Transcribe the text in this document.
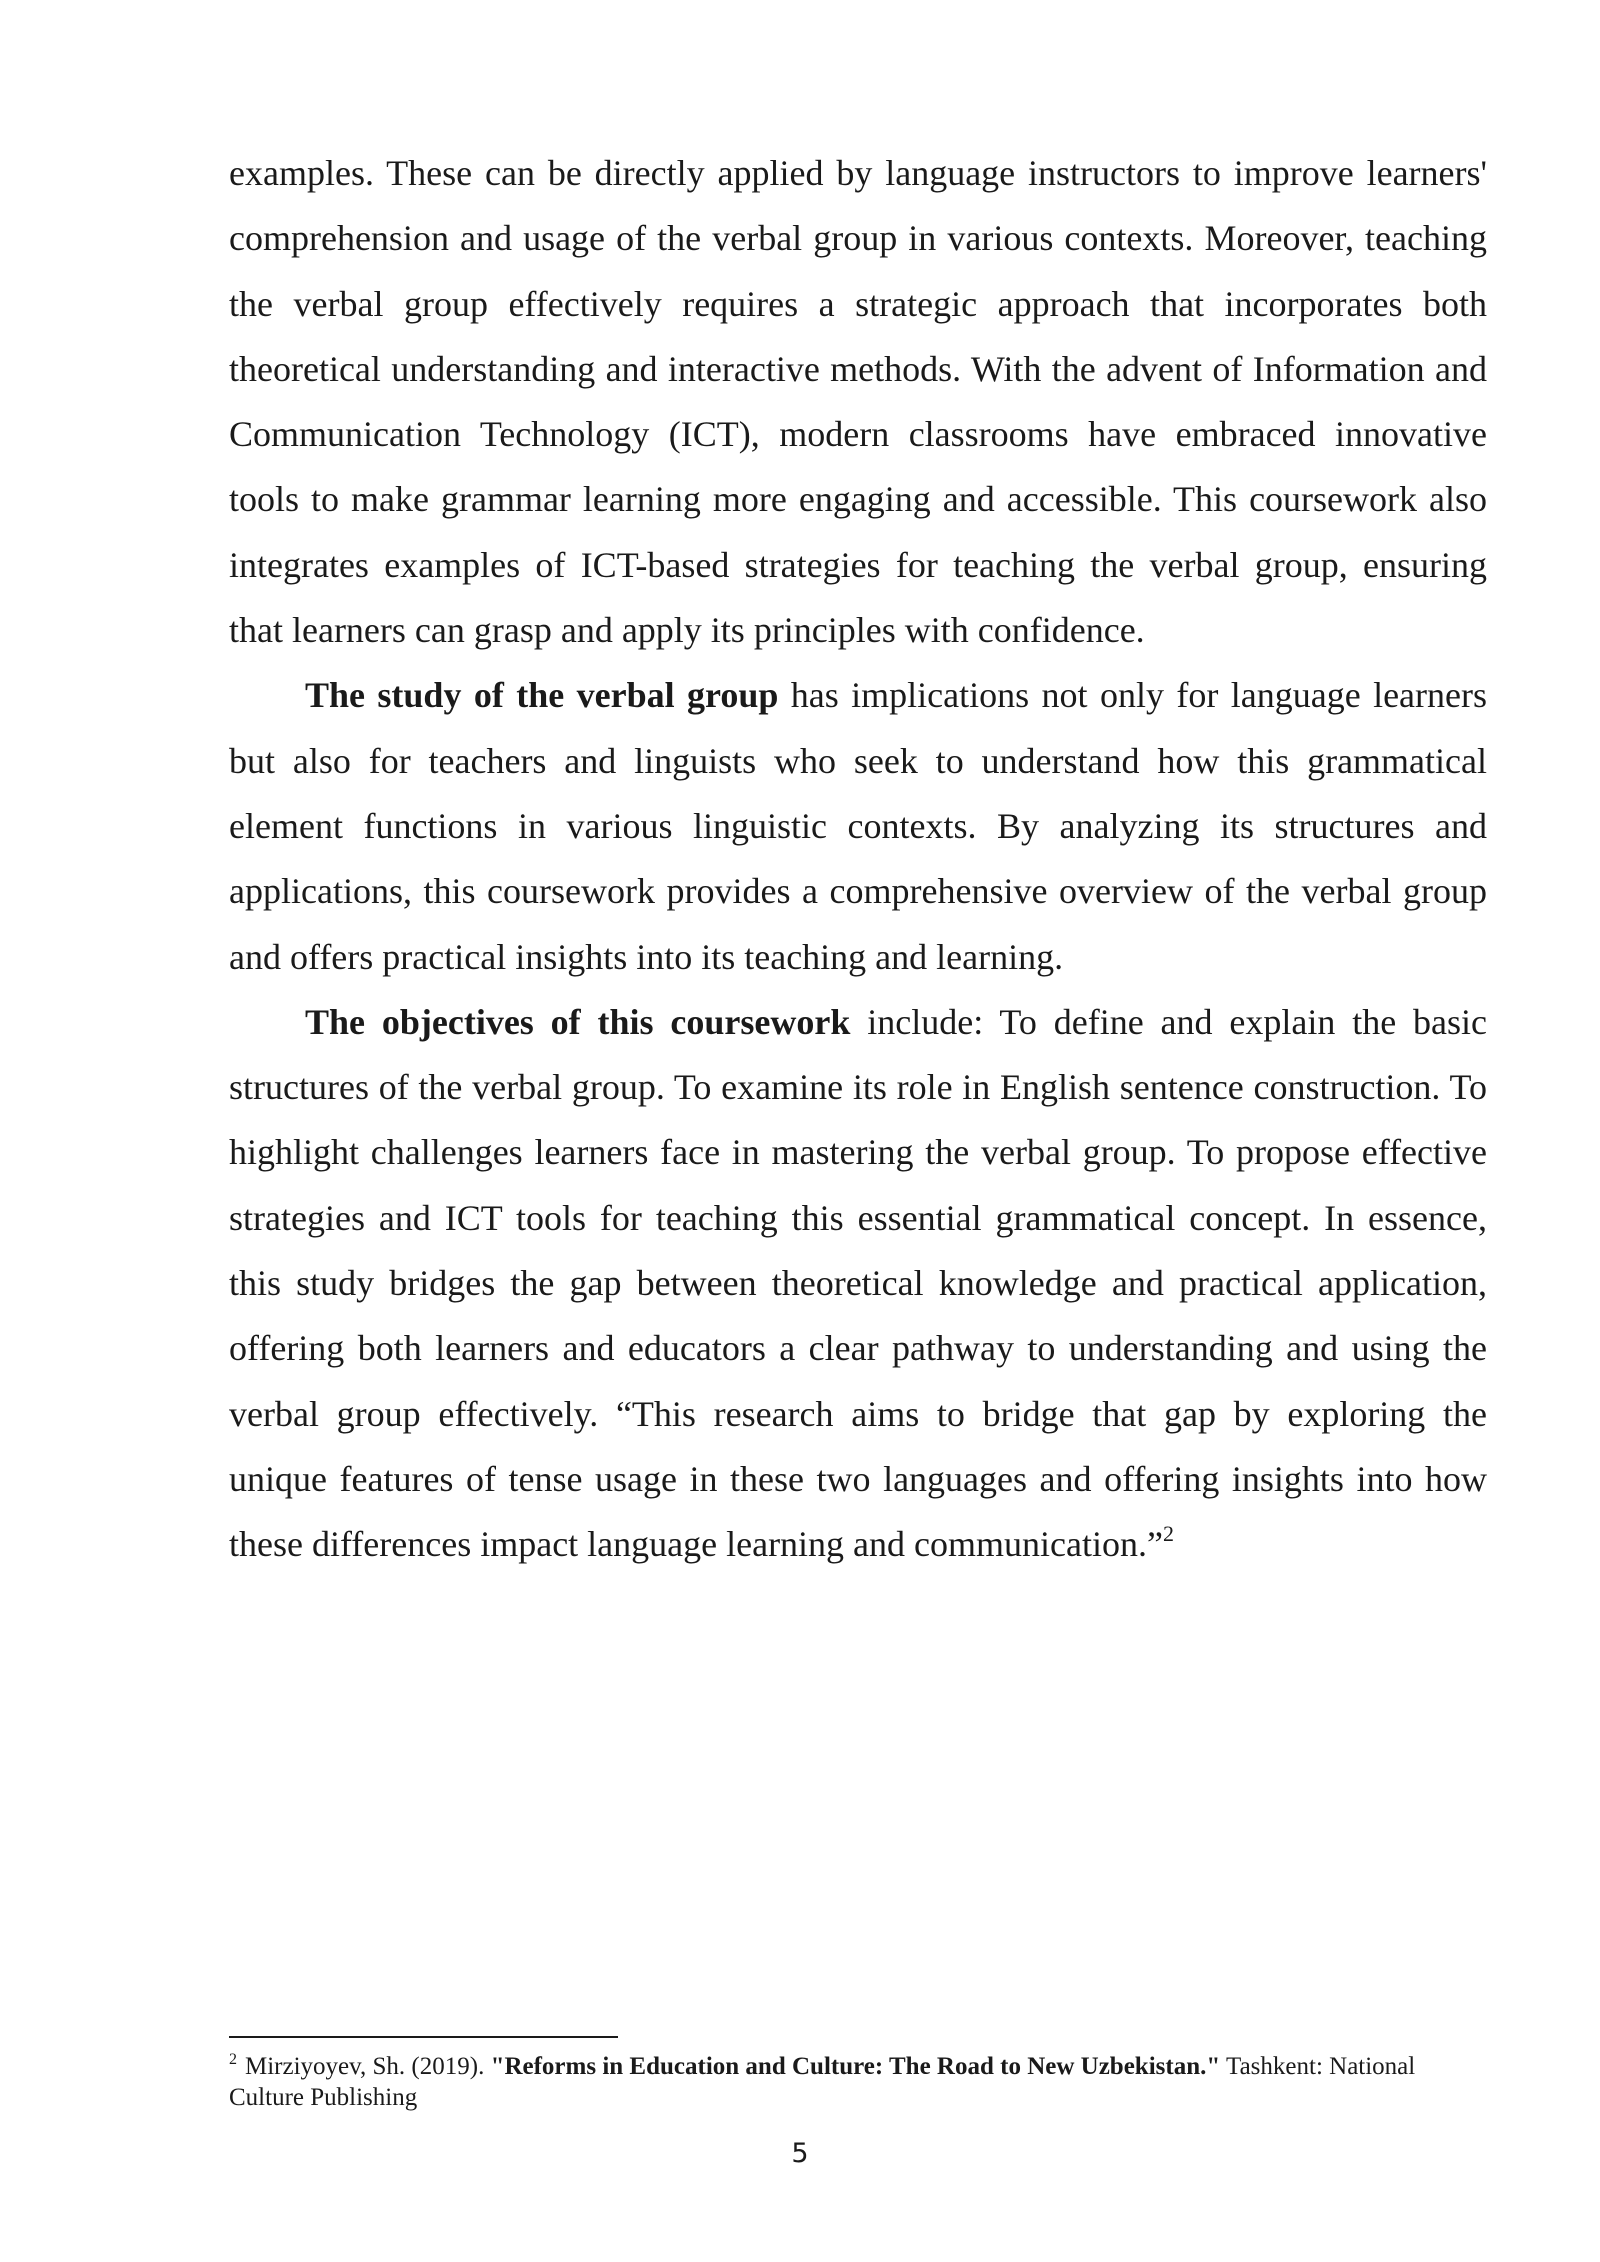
examples. These can be directly applied by language instructors to improve learners' comprehension and usage of the verbal group in various contexts. Moreover, teaching the verbal group effectively requires a strategic approach that incorporates both theoretical understanding and interactive methods. With the advent of Information and Communication Technology (ICT), modern classrooms have embraced innovative tools to make grammar learning more engaging and accessible. This coursework also integrates examples of ICT-based strategies for teaching the verbal group, ensuring that learners can grasp and apply its principles with confidence.

The study of the verbal group has implications not only for language learners but also for teachers and linguists who seek to understand how this grammatical element functions in various linguistic contexts. By analyzing its structures and applications, this coursework provides a comprehensive overview of the verbal group and offers practical insights into its teaching and learning.

The objectives of this coursework include: To define and explain the basic structures of the verbal group. To examine its role in English sentence construction. To highlight challenges learners face in mastering the verbal group. To propose effective strategies and ICT tools for teaching this essential grammatical concept. In essence, this study bridges the gap between theoretical knowledge and practical application, offering both learners and educators a clear pathway to understanding and using the verbal group effectively. “This research aims to bridge that gap by exploring the unique features of tense usage in these two languages and offering insights into how these differences impact language learning and communication.”$^2$

$^2$ Mirziyoyev, Sh. (2019). "Reforms in Education and Culture: The Road to New Uzbekistan." Tashkent: National Culture Publishing
5
